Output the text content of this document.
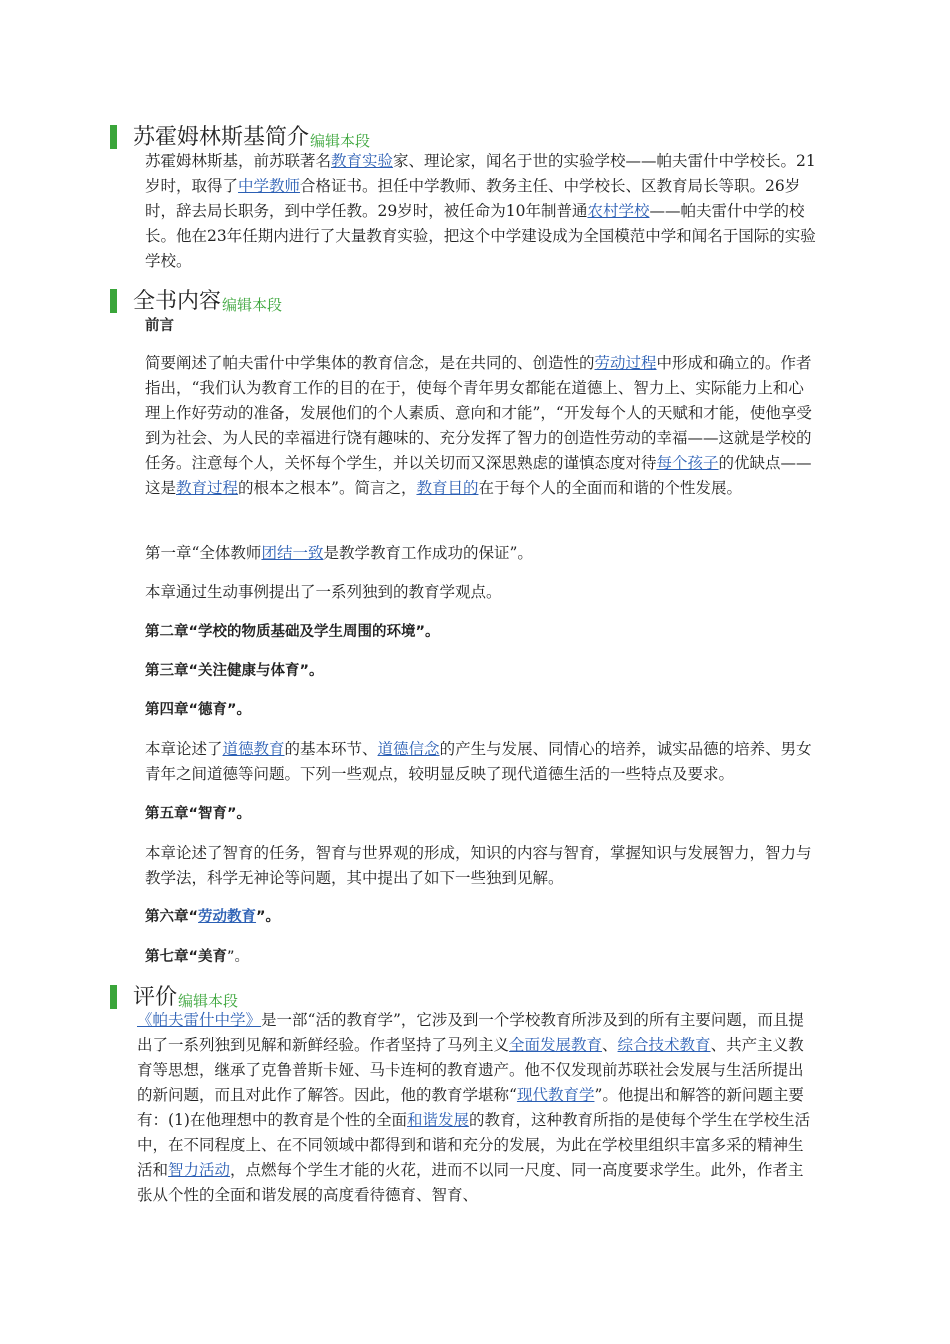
苏霍姆林斯基简介 编辑本段

苏霍姆林斯基，前苏联著名教育实验家、理论家，闻名于世的实验学校——帕夫雷什中学校长。21岁时，取得了中学教师合格证书。担任中学教师、教务主任、中学校长、区教育局长等职。26岁时，辞去局长职务，到中学任教。29岁时，被任命为10年制普通农村学校——帕夫雷什中学的校长。他在23年任期内进行了大量教育实验，把这个中学建设成为全国模范中学和闻名于国际的实验学校。

全书内容 编辑本段

前言

简要阐述了帕夫雷什中学集体的教育信念，是在共同的、创造性的劳动过程中形成和确立的。作者指出，“我们认为教育工作的目的在于，使每个青年男女都能在道德上、智力上、实际能力上和心理上作好劳动的准备，发展他们的个人素质、意向和才能”，“开发每个人的天赋和才能，使他享受到为社会、为人民的幸福进行饶有趣味的、充分发挥了智力的创造性劳动的幸福——这就是学校的任务。注意每个人，关怀每个学生，并以关切而又深思熟虑的谨慎态度对待每个孩子的优缺点——这是教育过程的根本之根本”。简言之，教育目的在于每个人的全面而和谐的个性发展。

第一章“全体教师团结一致是教学教育工作成功的保证”。

本章通过生动事例提出了一系列独到的教育学观点。

第二章“学校的物质基础及学生周围的环境”。

第三章“关注健康与体育”。

第四章“德育”。

本章论述了道德教育的基本环节、道德信念的产生与发展、同情心的培养，诚实品德的培养、男女青年之间道德等问题。下列一些观点，较明显反映了现代道德生活的一些特点及要求。

第五章“智育”。

本章论述了智育的任务，智育与世界观的形成，知识的内容与智育，掌握知识与发展智力，智力与教学法，科学无神论等问题，其中提出了如下一些独到见解。

第六章“劳动教育”。

第七章“美育”。

评价 编辑本段

《帕夫雷什中学》是一部“活的教育学”，它涉及到一个学校教育所涉及到的所有主要问题，而且提出了一系列独到见解和新鲜经验。作者坚持了马列主义全面发展教育、综合技术教育、共产主义教育等思想，继承了克鲁普斯卡娅、马卡连柯的教育遗产。他不仅发现前苏联社会发展与生活所提出的新问题，而且对此作了解答。因此，他的教育学堪称“现代教育学”。他提出和解答的新问题主要有：(1)在他理想中的教育是个性的全面和谐发展的教育，这种教育所指的是使每个学生在学校生活中，在不同程度上、在不同领域中都得到和谐和充分的发展，为此在学校里组织丰富多采的精神生活和智力活动，点燃每个学生才能的火花，进而不以同一尺度、同一高度要求学生。此外，作者主张从个性的全面和谐发展的高度看待德育、智育、
